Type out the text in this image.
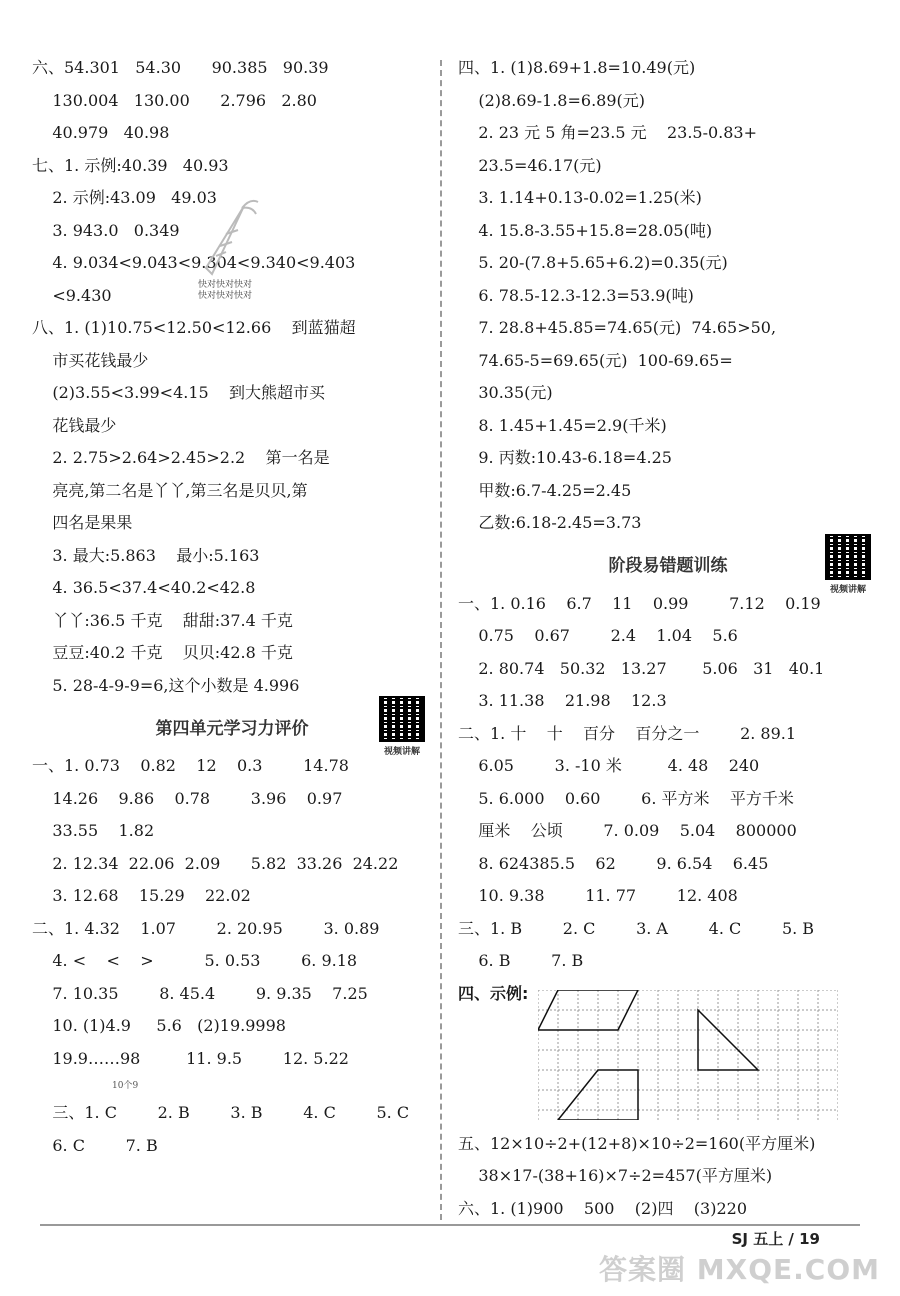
六、54.301   54.30      90.385   90.39
130.004   130.00      2.796   2.80
40.979   40.98
七、1. 示例:40.39   40.93
2. 示例:43.09   49.03
3. 943.0   0.349
4. 9.034<9.043<9.304<9.340<9.403
<9.430
八、1. (1)10.75<12.50<12.66    到蓝猫超
市买花钱最少
(2)3.55<3.99<4.15    到大熊超市买
花钱最少
2. 2.75>2.64>2.45>2.2    第一名是
亮亮,第二名是丫丫,第三名是贝贝,第
四名是果果
3. 最大:5.863    最小:5.163
4. 36.5<37.4<40.2<42.8
丫丫:36.5 千克    甜甜:37.4 千克
豆豆:40.2 千克    贝贝:42.8 千克
5. 28-4-9-9=6,这个小数是 4.996
第四单元学习力评价
视频讲解
一、1. 0.73    0.82    12    0.3        14.78
14.26    9.86    0.78        3.96    0.97
33.55    1.82
2. 12.34  22.06  2.09      5.82  33.26  24.22
3. 12.68    15.29    22.02
二、1. 4.32    1.07        2. 20.95        3. 0.89
4. <    <    >          5. 0.53        6. 9.18
7. 10.35        8. 45.4        9. 9.35    7.25
10. (1)4.9     5.6   (2)19.9998
19.9……98         11. 9.5        12. 5.22
10个9
三、1. C        2. B        3. B        4. C        5. C
6. C        7. B
快对快对快对
快对快对快对
四、1. (1)8.69+1.8=10.49(元)
(2)8.69-1.8=6.89(元)
2. 23 元 5 角=23.5 元    23.5-0.83+
23.5=46.17(元)
3. 1.14+0.13-0.02=1.25(米)
4. 15.8-3.55+15.8=28.05(吨)
5. 20-(7.8+5.65+6.2)=0.35(元)
6. 78.5-12.3-12.3=53.9(吨)
7. 28.8+45.85=74.65(元)  74.65>50,
74.65-5=69.65(元)  100-69.65=
30.35(元)
8. 1.45+1.45=2.9(千米)
9. 丙数:10.43-6.18=4.25
甲数:6.7-4.25=2.45
乙数:6.18-2.45=3.73
阶段易错题训练
视频讲解
一、1. 0.16    6.7    11    0.99        7.12    0.19
0.75    0.67        2.4    1.04    5.6
2. 80.74   50.32   13.27       5.06   31   40.1
3. 11.38    21.98    12.3
二、1. 十    十    百分    百分之一        2. 89.1
6.05        3. -10 米         4. 48    240
5. 6.000    0.60        6. 平方米    平方千米
厘米    公顷        7. 0.09    5.04    800000
8. 624385.5    62        9. 6.54    6.45
10. 9.38        11. 77        12. 408
三、1. B        2. C        3. A        4. C        5. B
6. B        7. B
四、示例:
五、12×10÷2+(12+8)×10÷2=160(平方厘米)
38×17-(38+16)×7÷2=457(平方厘米)
六、1. (1)900    500    (2)四    (3)220
SJ 五上 / 19
答案圈 MXQE.COM
